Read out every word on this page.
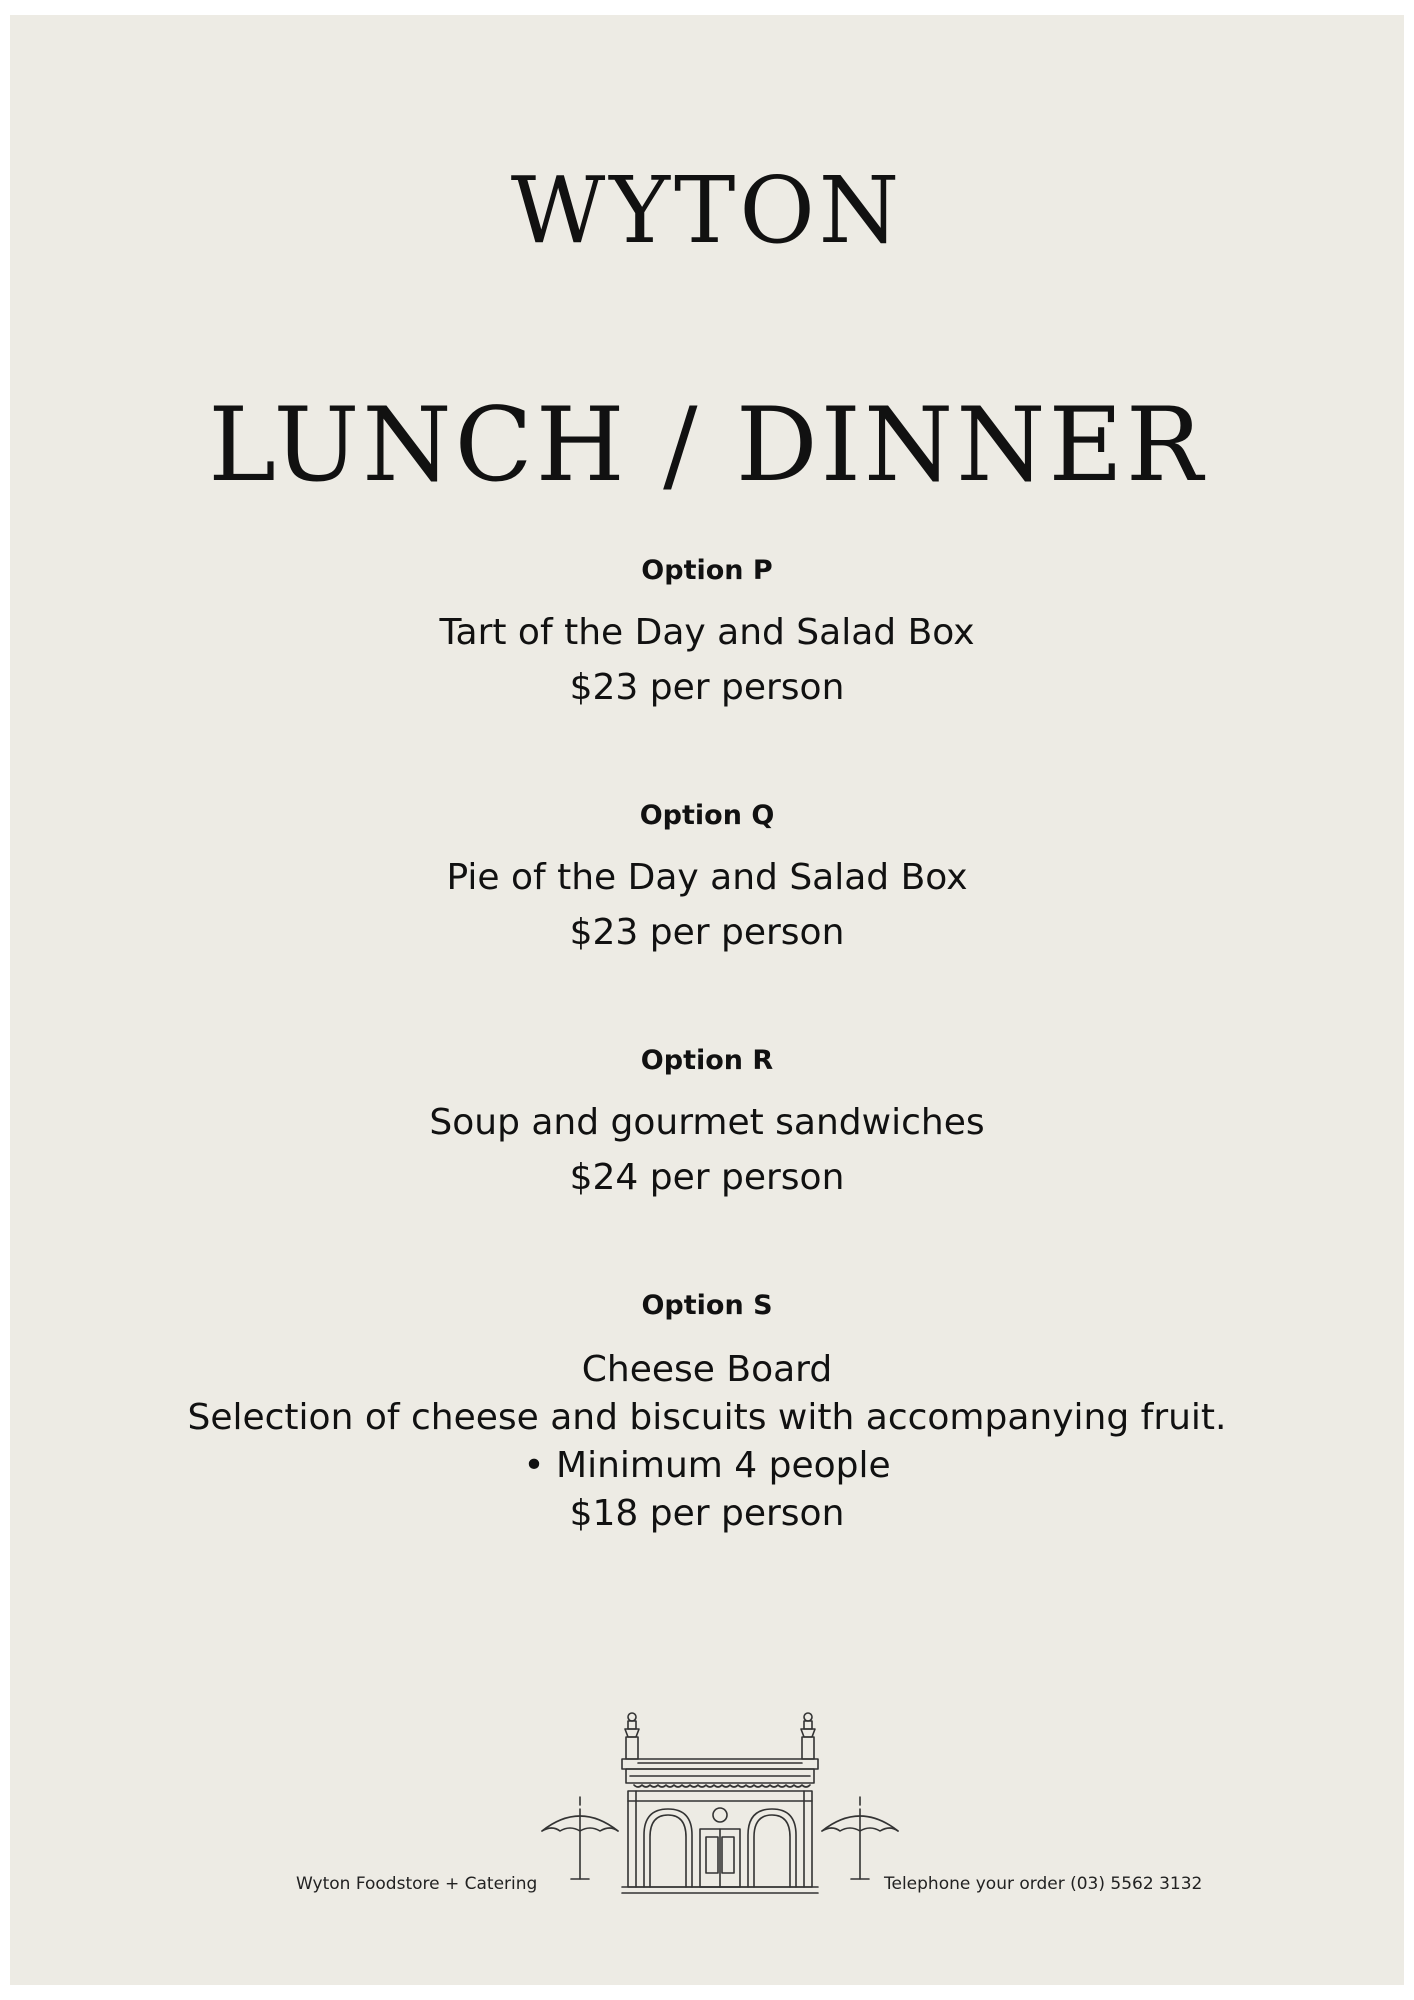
WYTON
LUNCH / DINNER
Option P
Tart of the Day and Salad Box
$23 per person
Option Q
Pie of the Day and Salad Box
$23 per person
Option R
Soup and gourmet sandwiches
$24 per person
Option S
Cheese Board
Selection of cheese and biscuits with accompanying fruit.
• Minimum 4 people
$18 per person
Wyton Foodstore + Catering	Telephone your order (03) 5562 3132
